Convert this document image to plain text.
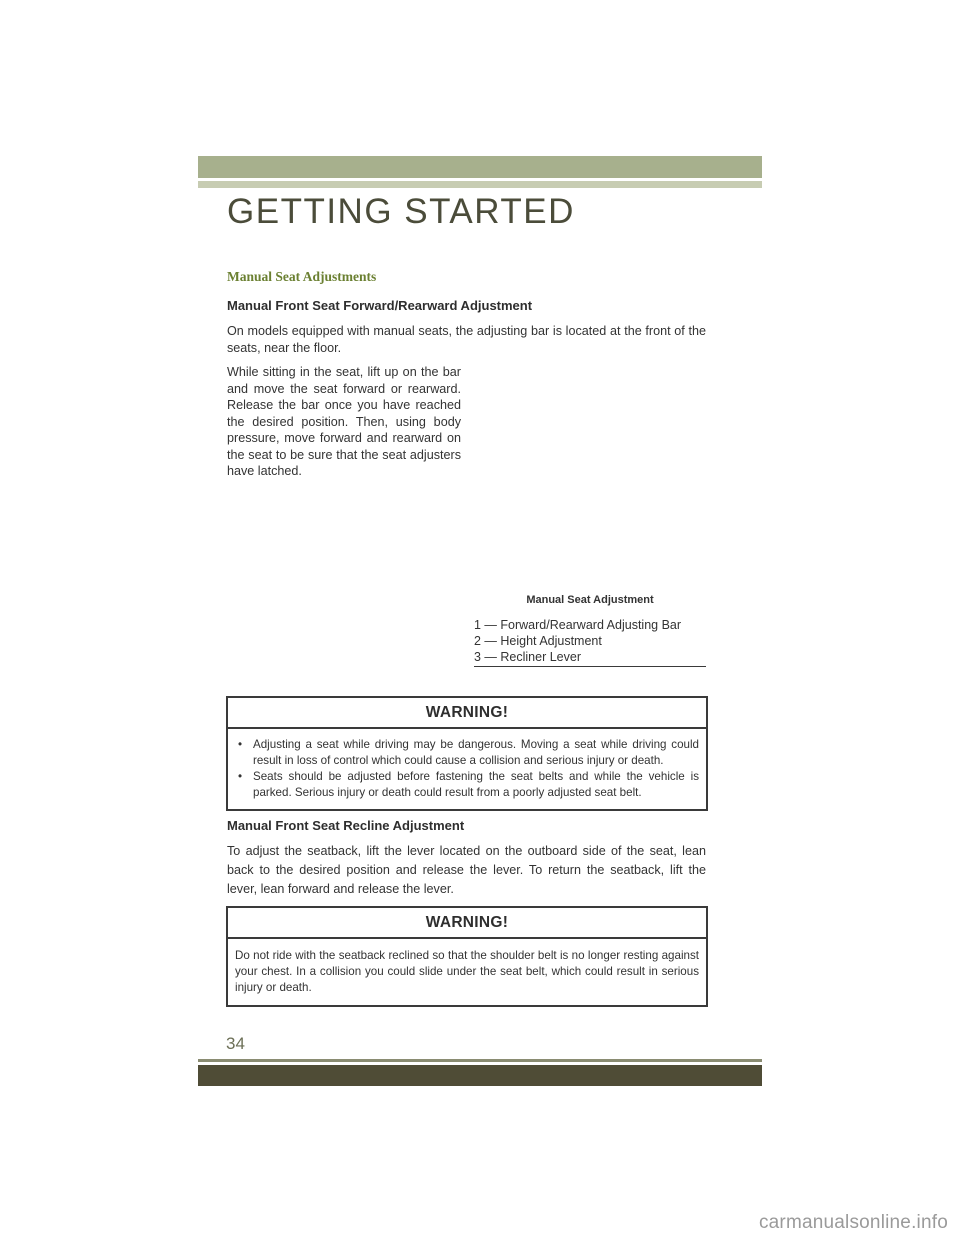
GETTING STARTED
Manual Seat Adjustments
Manual Front Seat Forward/Rearward Adjustment
On models equipped with manual seats, the adjusting bar is located at the front of the seats, near the floor.
While sitting in the seat, lift up on the bar and move the seat forward or rearward. Release the bar once you have reached the desired position. Then, using body pressure, move forward and rearward on the seat to be sure that the seat adjusters have latched.
Manual Seat Adjustment
1 — Forward/Rearward Adjusting Bar
2 — Height Adjustment
3 — Recliner Lever
WARNING!
• Adjusting a seat while driving may be dangerous. Moving a seat while driving could result in loss of control which could cause a collision and serious injury or death.
• Seats should be adjusted before fastening the seat belts and while the vehicle is parked. Serious injury or death could result from a poorly adjusted seat belt.
Manual Front Seat Recline Adjustment
To adjust the seatback, lift the lever located on the outboard side of the seat, lean back to the desired position and release the lever. To return the seatback, lift the lever, lean forward and release the lever.
WARNING!
Do not ride with the seatback reclined so that the shoulder belt is no longer resting against your chest. In a collision you could slide under the seat belt, which could result in serious injury or death.
34
carmanualsonline.info
